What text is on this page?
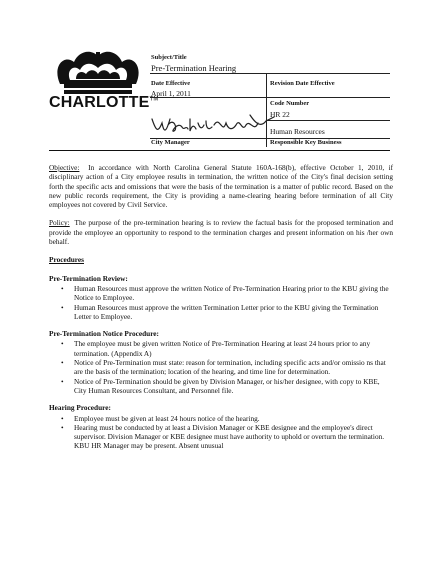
CHARLOTTE™
Subject/Title
Pre-Termination Hearing
Date Effective
April 1, 2011
Revision Date Effective
Code Number
HR 22
Human Resources
City Manager	Responsible Key Business

Objective: In accordance with North Carolina General Statute 160A-168(b), effective October 1, 2010, if disciplinary action of a City employee results in termination, the written notice of the City's final decision setting forth the specific acts and omissions that were the basis of the termination is a matter of public record. Based on the new public records requirement, the City is providing a name-clearing hearing before termination of all City employees not covered by Civil Service.

Policy: The purpose of the pre-termination hearing is to review the factual basis for the proposed termination and provide the employee an opportunity to respond to the termination charges and present information on his /her own behalf.

Procedures

Pre-Termination Review:

• Human Resources must approve the written Notice of Pre-Termination Hearing prior to the KBU giving the Notice to Employee.
• Human Resources must approve the written Termination Letter prior to the KBU giving the Termination Letter to Employee.

Pre-Termination Notice Procedure:

• The employee must be given written Notice of Pre-Termination Hearing at least 24 hours prior to any termination. (Appendix A)
• Notice of Pre-Termination must state: reason for termination, including specific acts and/or omissio ns that are the basis of the termination; location of the hearing, and time line for determination.
• Notice of Pre-Termination should be given by Division Manager, or his/her designee, with copy to KBE, City Human Resources Consultant, and Personnel file.

Hearing Procedure:

• Employee must be given at least 24 hours notice of the hearing.
• Hearing must be conducted by at least a Division Manager or KBE designee and the employee's direct supervisor. Division Manager or KBE designee must have authority to uphold or overturn the termination. KBU HR Manager may be present. Absent unusual
